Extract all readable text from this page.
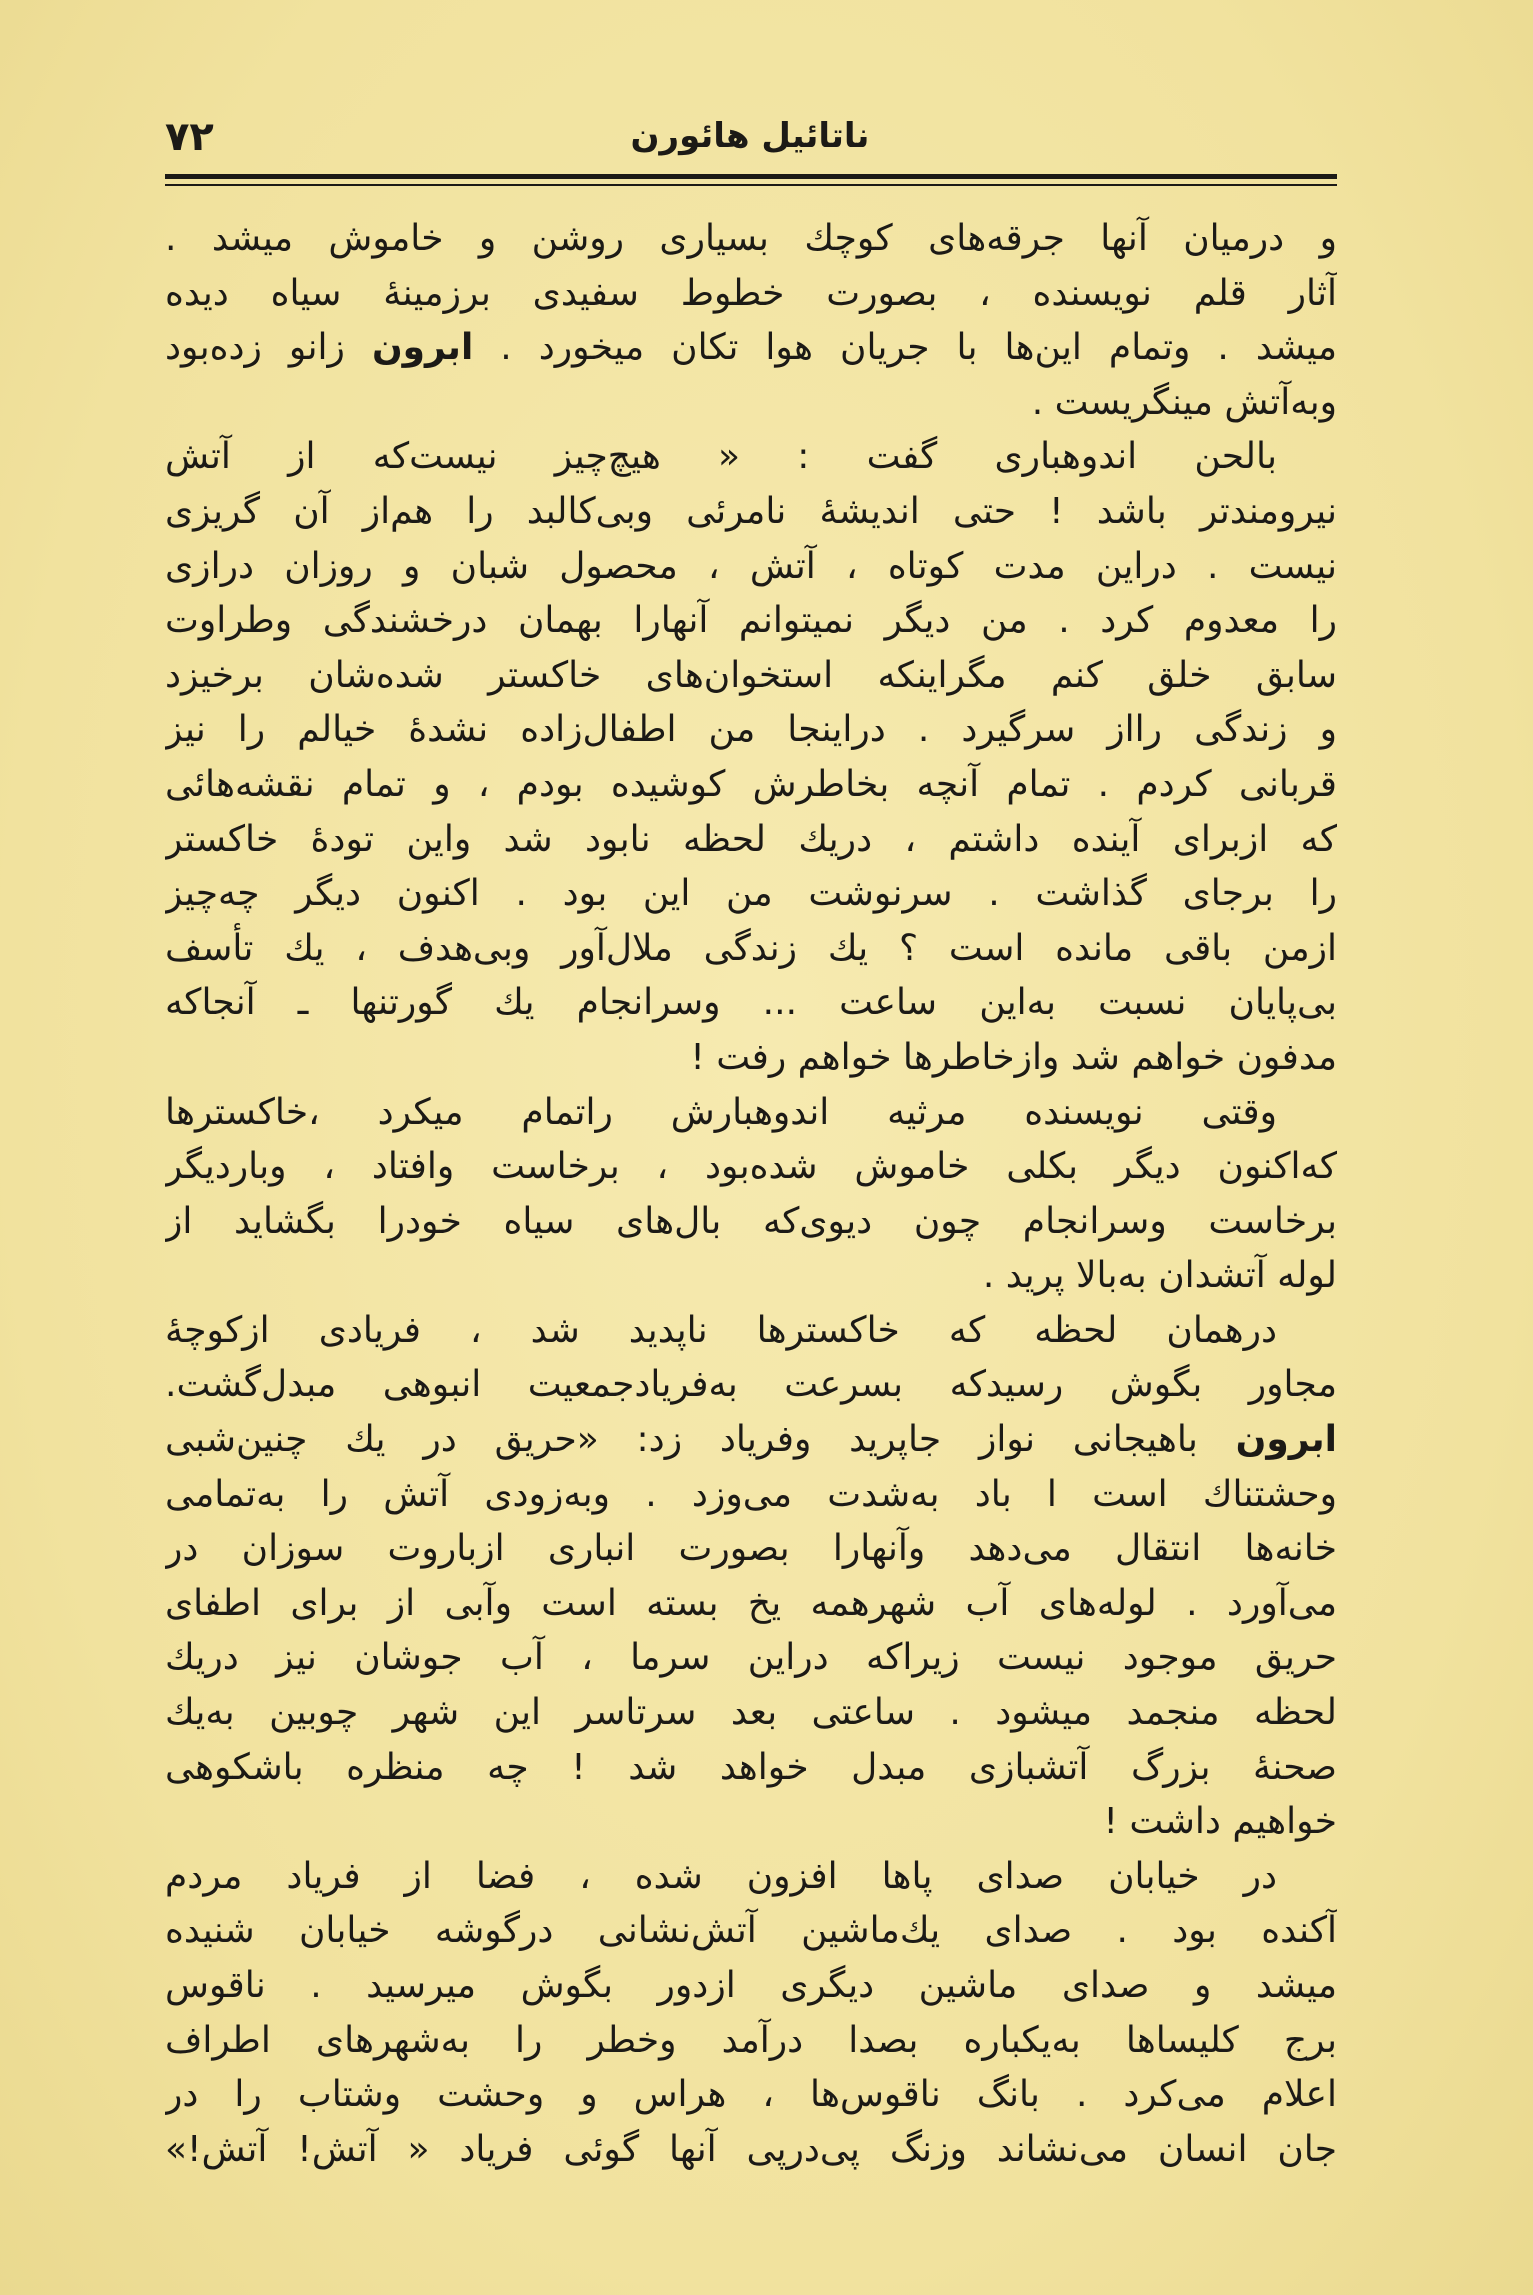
۷۲	ناتائیل هائورن
و درمیان آنها جرقه‌های کوچك بسیاری روشن و خاموش میشد .
آثار قلم نویسنده ، بصورت خطوط سفیدی برزمینهٔ سیاه دیده
میشد . وتمام این‌ها با جریان هوا تکان میخورد . ابرون زانو زده‌بود
وبه‌آتش مینگریست .
بالحن اندوهباری گفت : « هیچ‌چیز نیست‌که از آتش
نیرومندتر باشد ! حتی اندیشهٔ نامرئی وبی‌کالبد را هم‌از آن گریزی
نیست . دراین مدت کوتاه ، آتش ، محصول شبان و روزان درازی
را معدوم کرد . من دیگر نمیتوانم آنهارا بهمان درخشندگی وطراوت
سابق خلق کنم مگراینکه استخوان‌های خاکستر شده‌شان برخیزد
و زندگی رااز سرگیرد . دراینجا من اطفال‌زاده نشدهٔ خیالم را نیز
قربانی کردم . تمام آنچه بخاطرش کوشیده بودم ، و تمام نقشه‌هائی
که ازبرای آینده داشتم ، دریك لحظه نابود شد واین تودهٔ خاکستر
را برجای گذاشت . سرنوشت من این بود . اکنون دیگر چه‌چیز
ازمن باقی مانده است ؟ یك زندگی ملال‌آور وبی‌هدف ، یك تأسف
بی‌پایان نسبت به‌این ساعت ... وسرانجام یك گورتنها ـ آنجاکه
مدفون خواهم شد وازخاطرها خواهم رفت !
وقتی نویسنده مرثیه اندوهبارش راتمام میکرد ،خاکسترها
که‌اکنون دیگر بکلی خاموش شده‌بود ، برخاست وافتاد ، وباردیگر
برخاست وسرانجام چون دیوی‌که بال‌های سیاه خودرا بگشاید از
لوله آتشدان به‌بالا پرید .
درهمان لحظه که خاکسترها ناپدید شد ، فریادی ازکوچهٔ
مجاور بگوش رسیدکه بسرعت به‌فریادجمعیت انبوهی مبدل‌گشت.
ابرون باهیجانی نواز جاپرید وفریاد زد: «حریق در یك چنین‌شبی
وحشتناك است ا باد به‌شدت می‌وزد . وبه‌زودی آتش را به‌تمامی
خانه‌ها انتقال می‌دهد وآنهارا بصورت انباری ازباروت سوزان در
می‌آورد . لوله‌های آب شهرهمه یخ بسته است وآبی از برای اطفای
حریق موجود نیست زیراکه دراین سرما ، آب جوشان نیز دریك
لحظه منجمد میشود . ساعتی بعد سرتاسر این شهر چوبین به‌یك
صحنهٔ بزرگ آتشبازی مبدل خواهد شد ! چه منظره باشکوهی
خواهیم داشت !
در خیابان صدای پاها افزون شده ، فضا از فریاد مردم
آکنده بود . صدای یك‌ماشین آتش‌نشانی درگوشه خیابان شنیده
میشد و صدای ماشین دیگری ازدور بگوش میرسید . ناقوس
برج کلیساها به‌یکباره بصدا درآمد وخطر را به‌شهرهای اطراف
اعلام می‌کرد . بانگ ناقوس‌ها ، هراس و وحشت وشتاب را در
جان انسان می‌نشاند وزنگ پی‌درپی آنها گوئی فریاد « آتش! آتش!»
